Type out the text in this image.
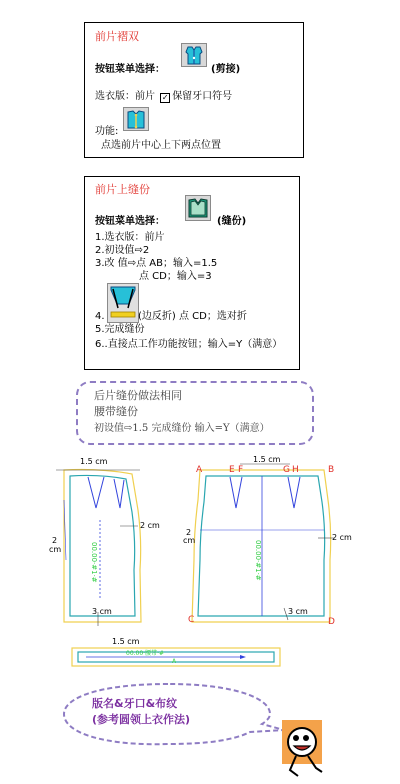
前片褶双
按钮菜单选择：	(剪接)
选衣版：前片 ✓ 保留牙口符号
功能:
点选前片中心上下两点位置
前片上缝份
按钮菜单选择：	(缝份)
1.选衣版：前片
2.初设值⇨2
3.改 值⇨点 AB；输入=1.5
点 CD；输入=3
4.	(边反折) 点 CD；选对折
5.完成缝份
6..直接点工作功能按钮；输入=Y（满意）
后片缝份做法相同
腰带缝份
初设值⇨1.5 完成缝份 输入=Y（满意）
1.5 cm
2 cm
2
cm
3 cm
00.00·#1·#
A	B
C	D
E F	G H
1.5 cm
2 cm
2
cm
3 cm
00.00·#1·#
1.5 cm
00.00·腰带·#
A
版名&牙口&布纹
(参考圆领上衣作法)
